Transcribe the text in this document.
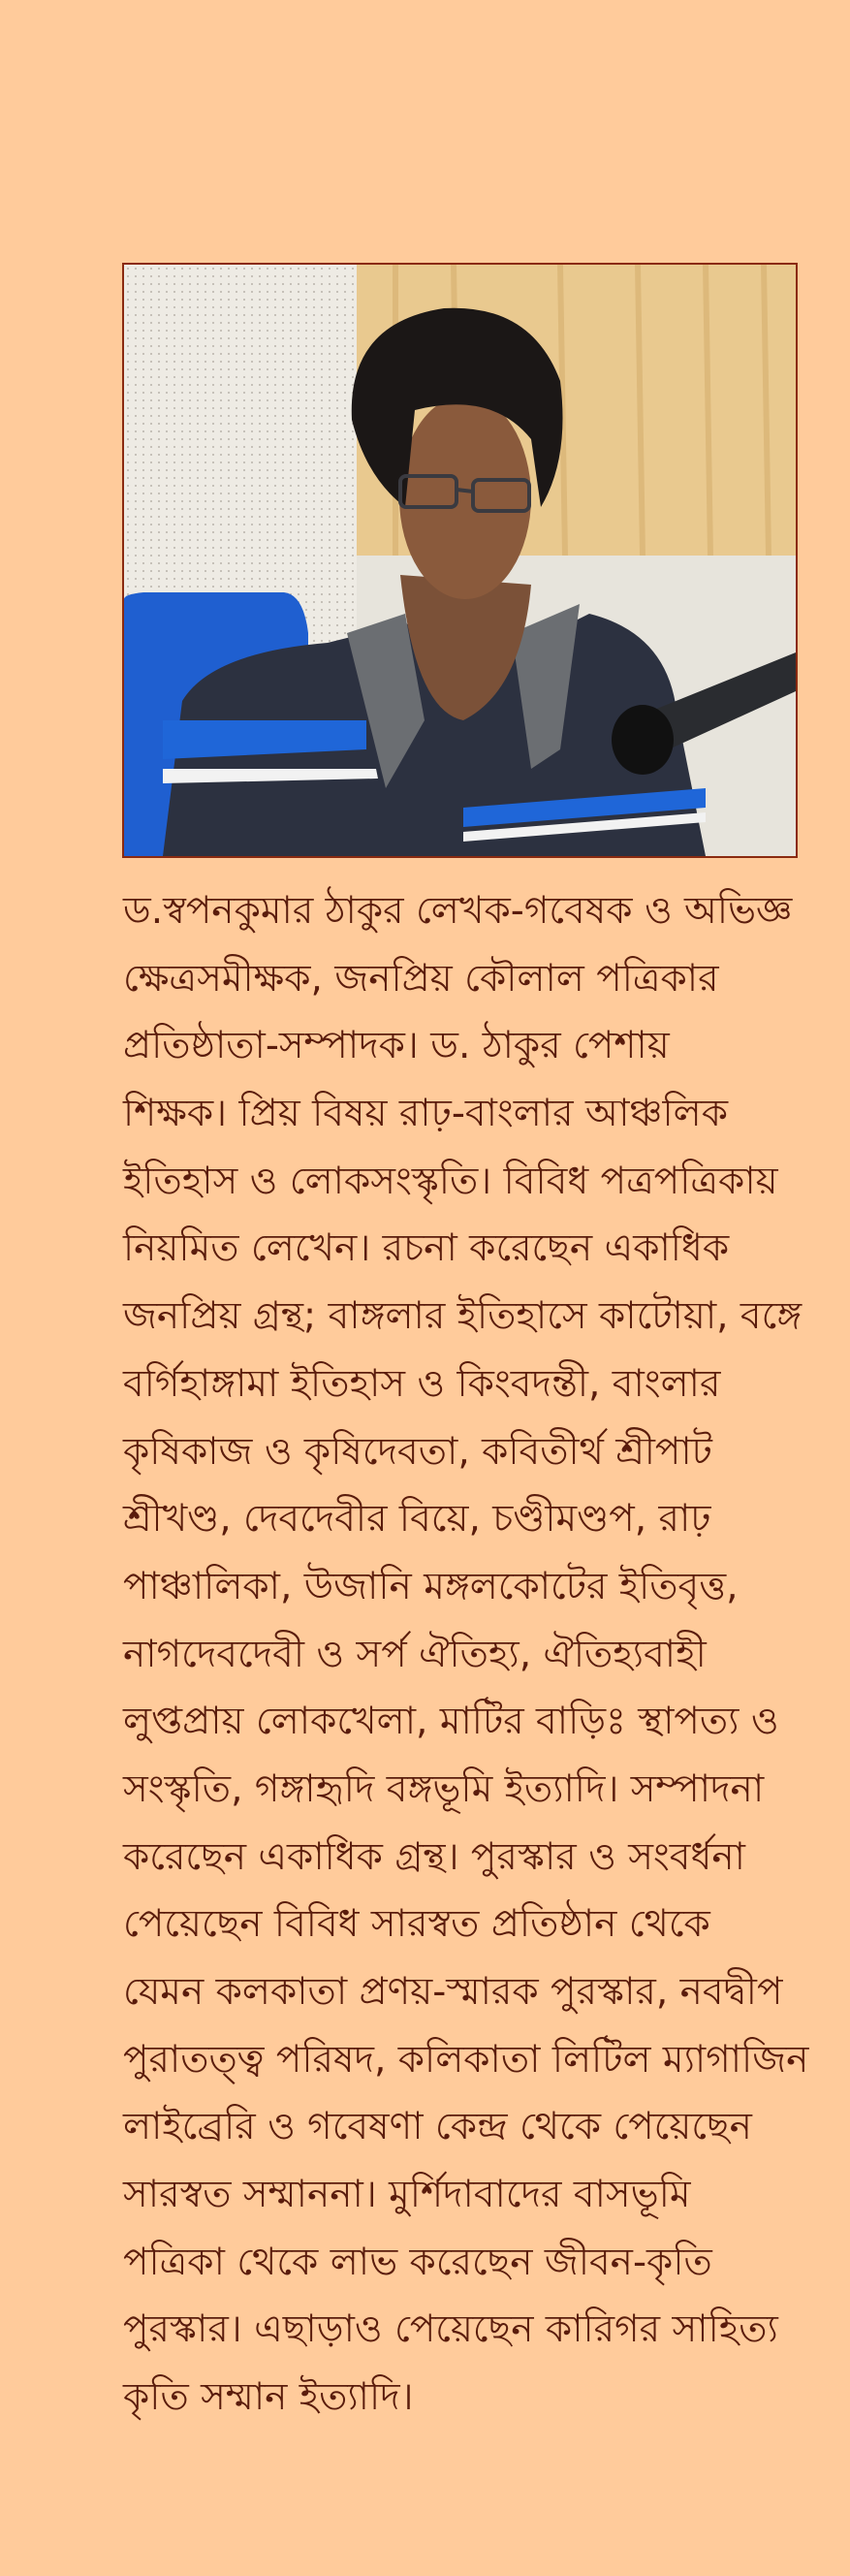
ড.স্বপনকুমার ঠাকুর লেখক-গবেষক ও অভিজ্ঞ
ক্ষেত্রসমীক্ষক, জনপ্রিয় কৌলাল পত্রিকার
প্রতিষ্ঠাতা-সম্পাদক। ড. ঠাকুর পেশায়
শিক্ষক। প্রিয় বিষয় রাঢ়-বাংলার আঞ্চলিক
ইতিহাস ও লোকসংস্কৃতি। বিবিধ পত্রপত্রিকায়
নিয়মিত লেখেন। রচনা করেছেন একাধিক
জনপ্রিয় গ্রন্থ; বাঙ্গলার ইতিহাসে কাটোয়া, বঙ্গে
বর্গিহাঙ্গামা ইতিহাস ও কিংবদন্তী, বাংলার
কৃষিকাজ ও কৃষিদেবতা, কবিতীর্থ শ্রীপাট
শ্রীখণ্ড, দেবদেবীর বিয়ে, চণ্ডীমণ্ডপ, রাঢ়
পাঞ্চালিকা, উজানি মঙ্গলকোটের ইতিবৃত্ত,
নাগদেবদেবী ও সর্প ঐতিহ্য, ঐতিহ্যবাহী
লুপ্তপ্রায় লোকখেলা, মাটির বাড়িঃ স্থাপত্য ও
সংস্কৃতি, গঙ্গাহৃদি বঙ্গভূমি ইত্যাদি। সম্পাদনা
করেছেন একাধিক গ্রন্থ। পুরস্কার ও সংবর্ধনা
পেয়েছেন বিবিধ সারস্বত প্রতিষ্ঠান থেকে
যেমন কলকাতা প্রণয়-স্মারক পুরস্কার, নবদ্বীপ
পুরাতত্ত্ব পরিষদ, কলিকাতা লিটিল ম্যাগাজিন
লাইব্রেরি ও গবেষণা কেন্দ্র থেকে পেয়েছেন
সারস্বত সম্মাননা। মুর্শিদাবাদের বাসভূমি
পত্রিকা থেকে লাভ করেছেন জীবন-কৃতি
পুরস্কার। এছাড়াও পেয়েছেন কারিগর সাহিত্য
কৃতি সম্মান ইত্যাদি।
